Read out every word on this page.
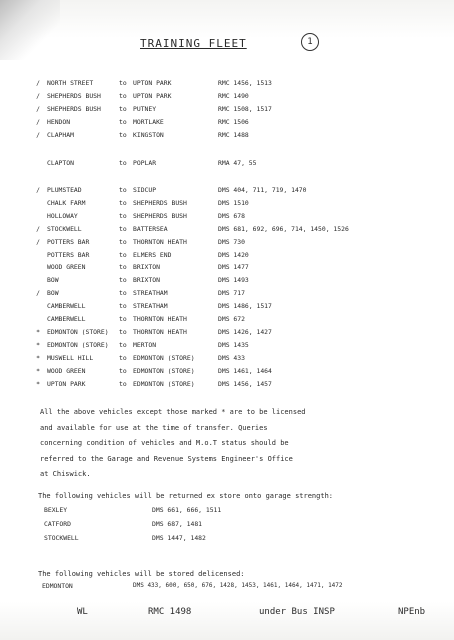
TRAINING FLEET	1
/	NORTH STREET	to UPTON PARK	RMC 1456, 1513
/	SHEPHERDS BUSH	to UPTON PARK	RMC 1490
/	SHEPHERDS BUSH	to PUTNEY	RMC 1508, 1517
/	HENDON	to MORTLAKE	RMC 1506
/	CLAPHAM	to KINGSTON	RMC 1488
CLAPTON	to POPLAR	RMA 47, 55
/	PLUMSTEAD	to SIDCUP	DMS 404, 711, 719, 1470
CHALK FARM	to SHEPHERDS BUSH	DMS 1510
HOLLOWAY	to SHEPHERDS BUSH	DMS 678
/	STOCKWELL	to BATTERSEA	DMS 681, 692, 696, 714, 1450, 1526
/	POTTERS BAR	to THORNTON HEATH	DMS 730
POTTERS BAR	to ELMERS END	DMS 1420
WOOD GREEN	to BRIXTON	DMS 1477
BOW	to BRIXTON	DMS 1493
/	BOW	to STREATHAM	DMS 717
CAMBERWELL	to STREATHAM	DMS 1486, 1517
CAMBERWELL	to THORNTON HEATH	DMS 672
*	EDMONTON (STORE) to THORNTON HEATH	DMS 1426, 1427
*	EDMONTON (STORE) to MERTON	DMS 1435
*	MUSWELL HILL	to EDMONTON (STORE)	DMS 433
*	WOOD GREEN	to EDMONTON (STORE)	DMS 1461, 1464
*	UPTON PARK	to EDMONTON (STORE)	DMS 1456, 1457
All the above vehicles except those marked * are to be licensed
and available for use at the time of transfer. Queries
concerning condition of vehicles and M.o.T status should be
referred to the Garage and Revenue Systems Engineer's Office
at Chiswick.
The following vehicles will be returned ex store onto garage strength:
BEXLEY	DMS 661, 666, 1511
CATFORD	DMS 687, 1481
STOCKWELL	DMS 1447, 1482
The following vehicles will be stored delicensed:
EDMONTON	DMS 433, 600, 650, 676, 1428, 1453, 1461, 1464, 1471, 1472
WL	RMC 1498	under Bus INSP	NPEnb
